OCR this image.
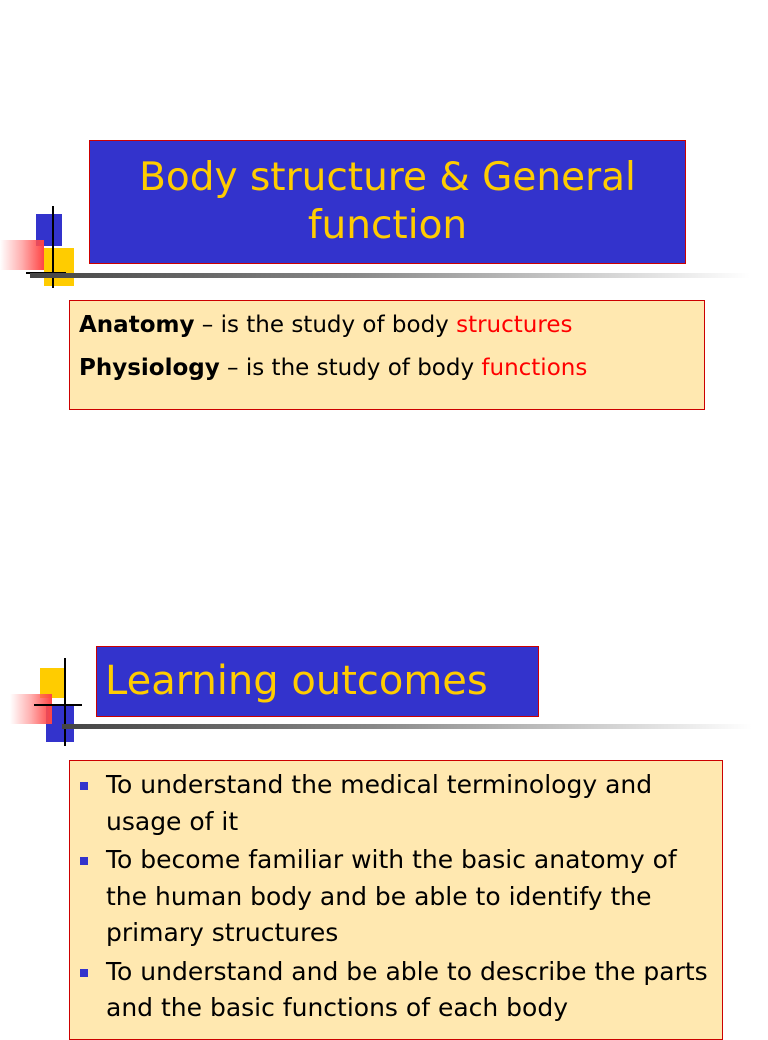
Body structure & General function
Anatomy – is the study of body structures
Physiology – is the study of body functions
Learning outcomes
To understand the medical terminology and usage of it
To become familiar with the basic anatomy of the human body and be able to identify the primary structures
To understand and be able to describe the parts and the basic functions of each body
